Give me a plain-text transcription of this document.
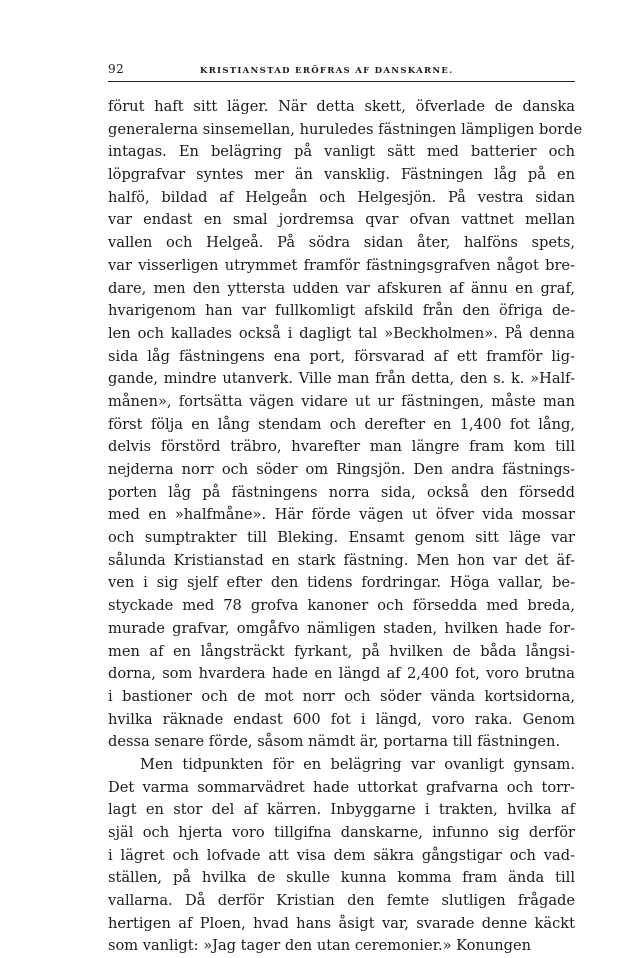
92	KRISTIANSTAD ERÖFRAS AF DANSKARNE.
förut haft sitt läger. När detta skett, öfverlade de danska
generalerna sinsemellan, huruledes fästningen lämpligen borde
intagas. En belägring på vanligt sätt med batterier och
löpgrafvar syntes mer än vansklig. Fästningen låg på en
halfö, bildad af Helgeån och Helgesjön. På vestra sidan
var endast en smal jordremsa qvar ofvan vattnet mellan
vallen och Helgeå. På södra sidan åter, halföns spets,
var visserligen utrymmet framför fästningsgrafven något bre-
dare, men den yttersta udden var afskuren af ännu en graf,
hvarigenom han var fullkomligt afskild från den öfriga de-
len och kallades också i dagligt tal »Beckholmen». På denna
sida låg fästningens ena port, försvarad af ett framför lig-
gande, mindre utanverk. Ville man från detta, den s. k. »Half-
månen», fortsätta vägen vidare ut ur fästningen, måste man
först följa en lång stendam och derefter en 1,400 fot lång,
delvis förstörd träbro, hvarefter man längre fram kom till
nejderna norr och söder om Ringsjön. Den andra fästnings-
porten låg på fästningens norra sida, också den försedd
med en »halfmåne». Här förde vägen ut öfver vida mossar
och sumptrakter till Bleking. Ensamt genom sitt läge var
sålunda Kristianstad en stark fästning. Men hon var det äf-
ven i sig sjelf efter den tidens fordringar. Höga vallar, be-
styckade med 78 grofva kanoner och försedda med breda,
murade grafvar, omgåfvo nämligen staden, hvilken hade for-
men af en långsträckt fyrkant, på hvilken de båda långsi-
dorna, som hvardera hade en längd af 2,400 fot, voro brutna
i bastioner och de mot norr och söder vända kortsidorna,
hvilka räknade endast 600 fot i längd, voro raka. Genom
dessa senare förde, såsom nämdt är, portarna till fästningen.
Men tidpunkten för en belägring var ovanligt gynsam.
Det varma sommarvädret hade uttorkat grafvarna och torr-
lagt en stor del af kärren. Inbyggarne i trakten, hvilka af
själ och hjerta voro tillgifna danskarne, infunno sig derför
i lägret och lofvade att visa dem säkra gångstigar och vad-
ställen, på hvilka de skulle kunna komma fram ända till
vallarna. Då derför Kristian den femte slutligen frågade
hertigen af Ploen, hvad hans åsigt var, svarade denne käckt
som vanligt: »Jag tager den utan ceremonier.» Konungen
